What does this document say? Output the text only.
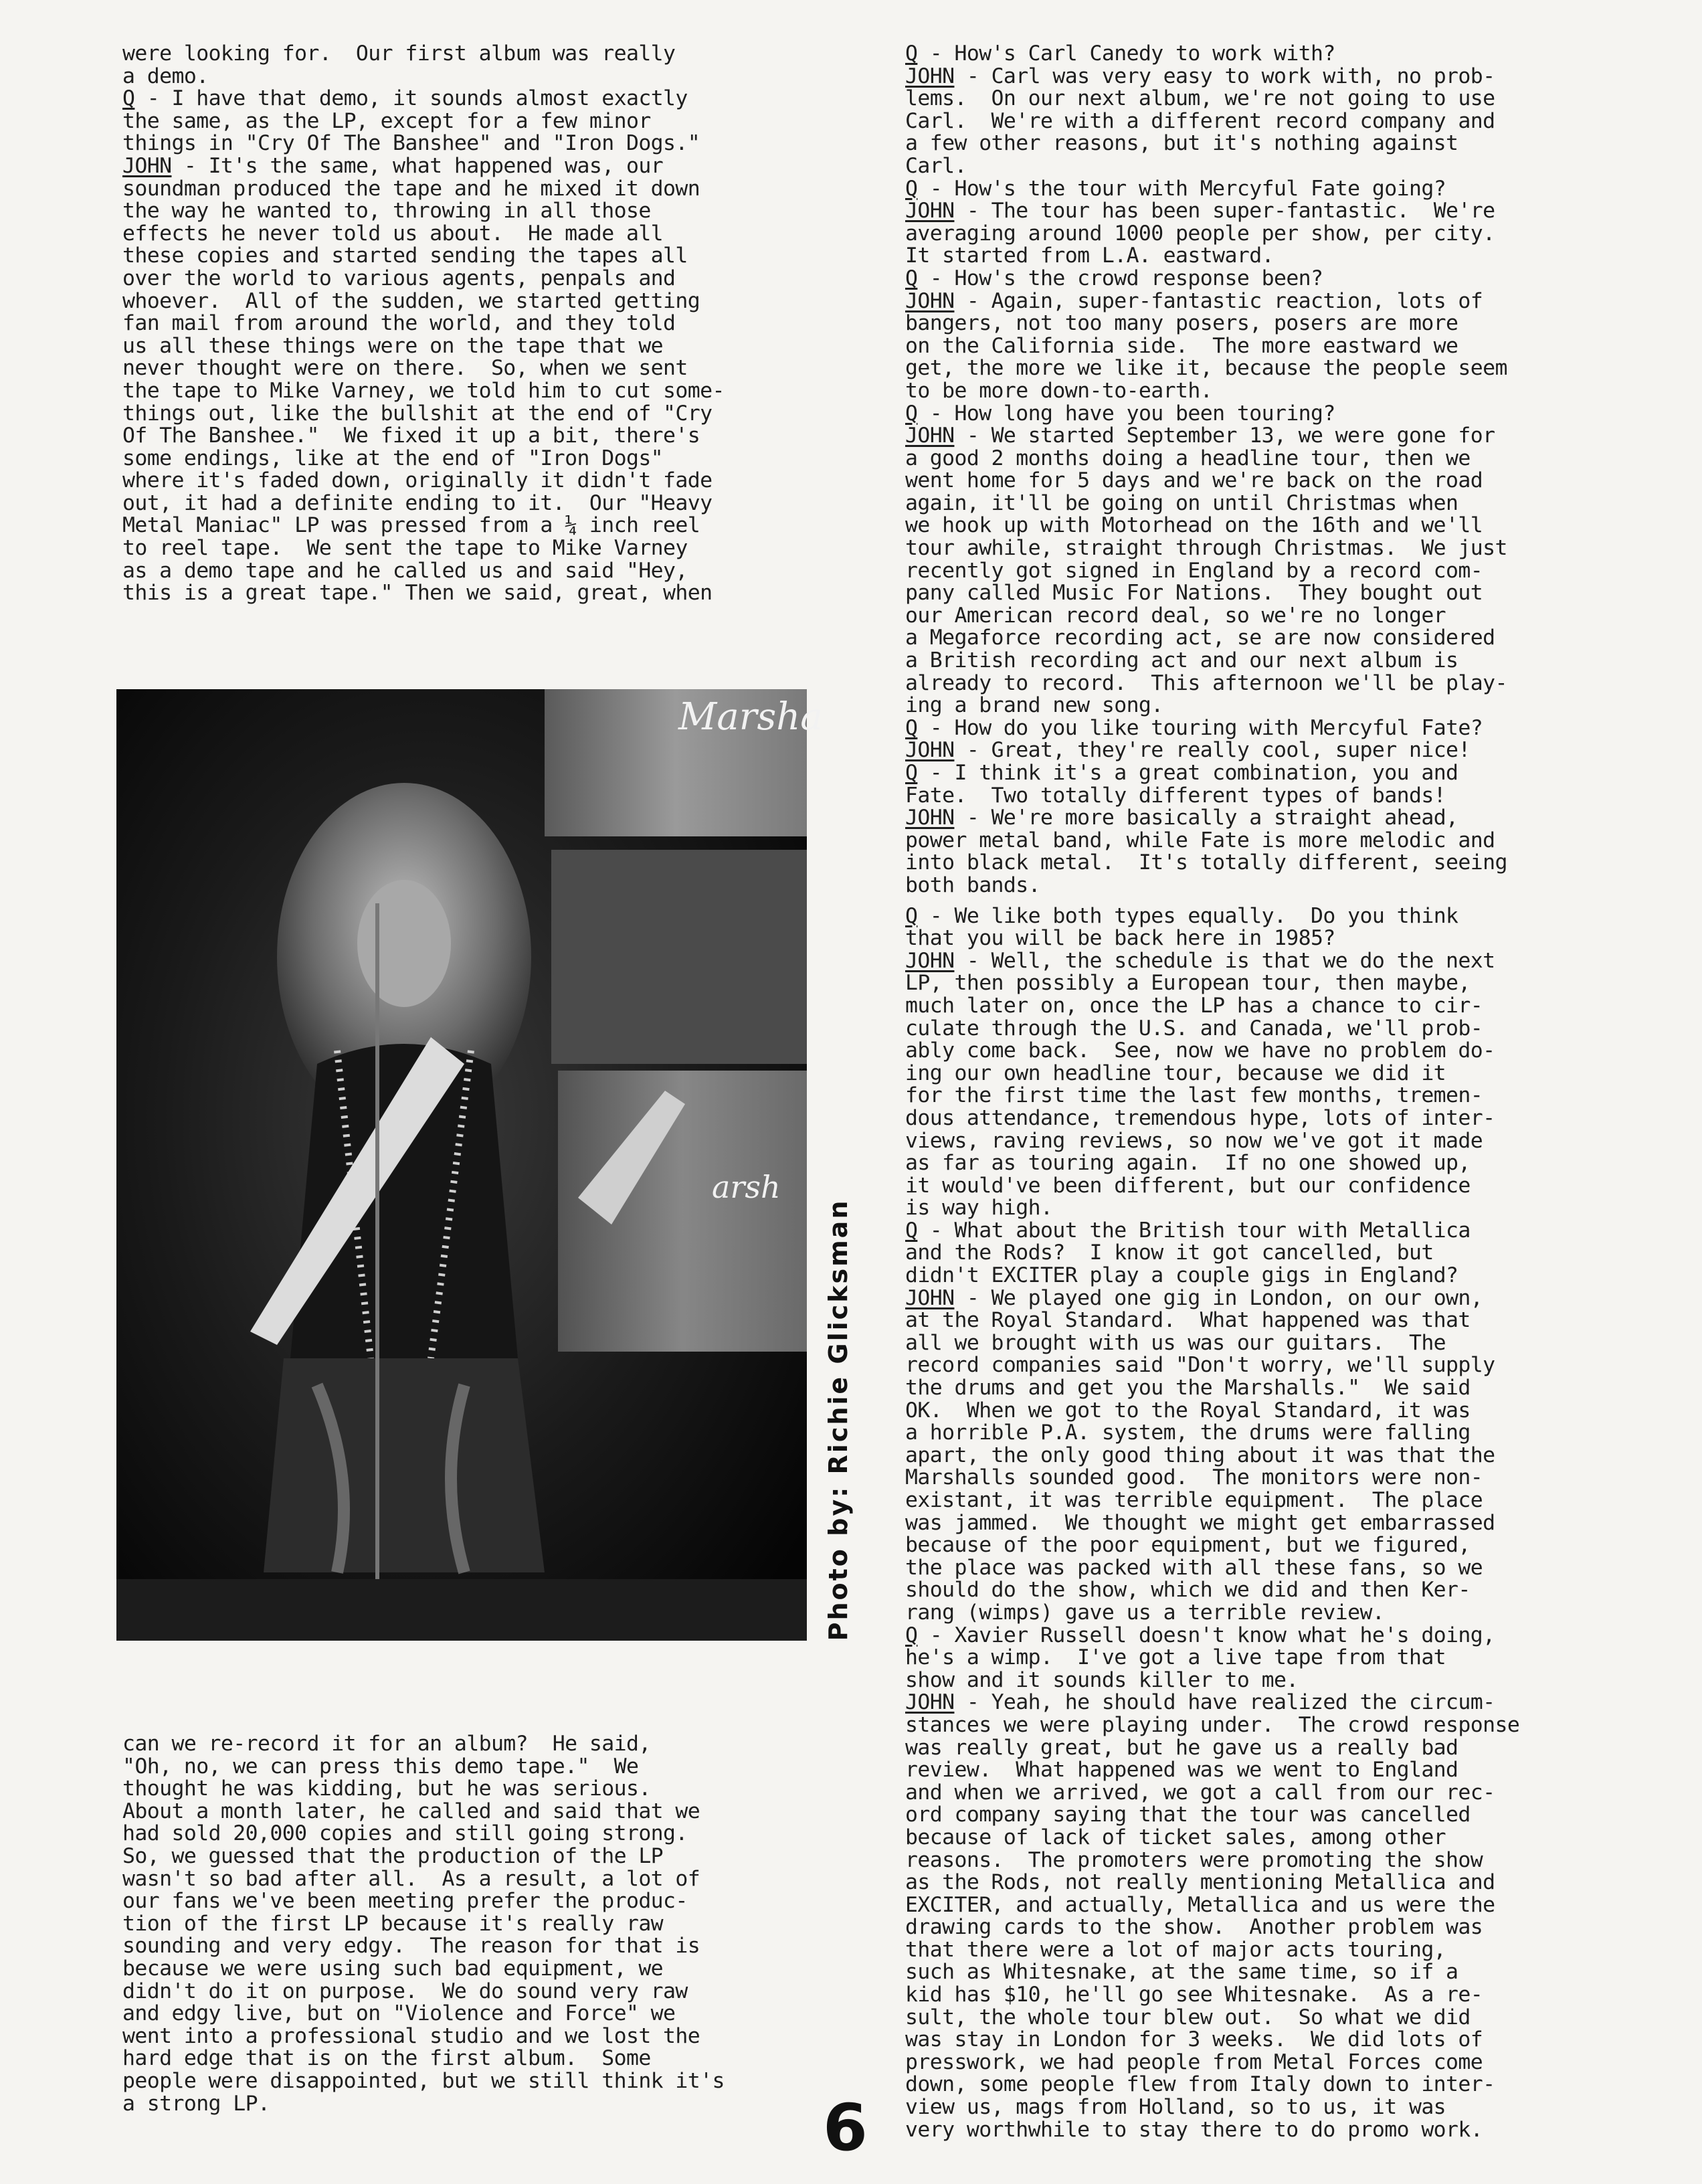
were looking for.  Our first album was really
a demo.
Q - I have that demo, it sounds almost exactly
the same, as the LP, except for a few minor
things in "Cry Of The Banshee" and "Iron Dogs."
JOHN - It's the same, what happened was, our
soundman produced the tape and he mixed it down
the way he wanted to, throwing in all those
effects he never told us about.  He made all
these copies and started sending the tapes all
over the world to various agents, penpals and
whoever.  All of the sudden, we started getting
fan mail from around the world, and they told
us all these things were on the tape that we
never thought were on there.  So, when we sent
the tape to Mike Varney, we told him to cut some-
things out, like the bullshit at the end of "Cry
Of The Banshee."  We fixed it up a bit, there's
some endings, like at the end of "Iron Dogs"
where it's faded down, originally it didn't fade
out, it had a definite ending to it.  Our "Heavy
Metal Maniac" LP was pressed from a ¼ inch reel
to reel tape.  We sent the tape to Mike Varney
as a demo tape and he called us and said "Hey,
this is a great tape." Then we said, great, when
Marsha
arsh
Photo by: Richie Glicksman
can we re-record it for an album?  He said,
"Oh, no, we can press this demo tape."  We
thought he was kidding, but he was serious.
About a month later, he called and said that we
had sold 20,000 copies and still going strong.
So, we guessed that the production of the LP
wasn't so bad after all.  As a result, a lot of
our fans we've been meeting prefer the produc-
tion of the first LP because it's really raw
sounding and very edgy.  The reason for that is
because we were using such bad equipment, we
didn't do it on purpose.  We do sound very raw
and edgy live, but on "Violence and Force" we
went into a professional studio and we lost the
hard edge that is on the first album.  Some
people were disappointed, but we still think it's
a strong LP.
Q - How's Carl Canedy to work with?
JOHN - Carl was very easy to work with, no prob-
lems.  On our next album, we're not going to use
Carl.  We're with a different record company and
a few other reasons, but it's nothing against
Carl.
Q - How's the tour with Mercyful Fate going?
JOHN - The tour has been super-fantastic.  We're
averaging around 1000 people per show, per city.
It started from L.A. eastward.
Q - How's the crowd response been?
JOHN - Again, super-fantastic reaction, lots of
bangers, not too many posers, posers are more
on the California side.  The more eastward we
get, the more we like it, because the people seem
to be more down-to-earth.
Q - How long have you been touring?
JOHN - We started September 13, we were gone for
a good 2 months doing a headline tour, then we
went home for 5 days and we're back on the road
again, it'll be going on until Christmas when
we hook up with Motorhead on the 16th and we'll
tour awhile, straight through Christmas.  We just
recently got signed in England by a record com-
pany called Music For Nations.  They bought out
our American record deal, so we're no longer
a Megaforce recording act, se are now considered
a British recording act and our next album is
already to record.  This afternoon we'll be play-
ing a brand new song.
Q - How do you like touring with Mercyful Fate?
JOHN - Great, they're really cool, super nice!
Q - I think it's a great combination, you and
Fate.  Two totally different types of bands!
JOHN - We're more basically a straight ahead,
power metal band, while Fate is more melodic and
into black metal.  It's totally different, seeing
both bands.
Q - We like both types equally.  Do you think
that you will be back here in 1985?
JOHN - Well, the schedule is that we do the next
LP, then possibly a European tour, then maybe,
much later on, once the LP has a chance to cir-
culate through the U.S. and Canada, we'll prob-
ably come back.  See, now we have no problem do-
ing our own headline tour, because we did it
for the first time the last few months, tremen-
dous attendance, tremendous hype, lots of inter-
views, raving reviews, so now we've got it made
as far as touring again.  If no one showed up,
it would've been different, but our confidence
is way high.
Q - What about the British tour with Metallica
and the Rods?  I know it got cancelled, but
didn't EXCITER play a couple gigs in England?
JOHN - We played one gig in London, on our own,
at the Royal Standard.  What happened was that
all we brought with us was our guitars.  The
record companies said "Don't worry, we'll supply
the drums and get you the Marshalls."  We said
OK.  When we got to the Royal Standard, it was
a horrible P.A. system, the drums were falling
apart, the only good thing about it was that the
Marshalls sounded good.  The monitors were non-
existant, it was terrible equipment.  The place
was jammed.  We thought we might get embarrassed
because of the poor equipment, but we figured,
the place was packed with all these fans, so we
should do the show, which we did and then Ker-
rang (wimps) gave us a terrible review.
Q - Xavier Russell doesn't know what he's doing,
he's a wimp.  I've got a live tape from that
show and it sounds killer to me.
JOHN - Yeah, he should have realized the circum-
stances we were playing under.  The crowd response
was really great, but he gave us a really bad
review.  What happened was we went to England
and when we arrived, we got a call from our rec-
ord company saying that the tour was cancelled
because of lack of ticket sales, among other
reasons.  The promoters were promoting the show
as the Rods, not really mentioning Metallica and
EXCITER, and actually, Metallica and us were the
drawing cards to the show.  Another problem was
that there were a lot of major acts touring,
such as Whitesnake, at the same time, so if a
kid has $10, he'll go see Whitesnake.  As a re-
sult, the whole tour blew out.  So what we did
was stay in London for 3 weeks.  We did lots of
presswork, we had people from Metal Forces come
down, some people flew from Italy down to inter-
view us, mags from Holland, so to us, it was
very worthwhile to stay there to do promo work.
6
